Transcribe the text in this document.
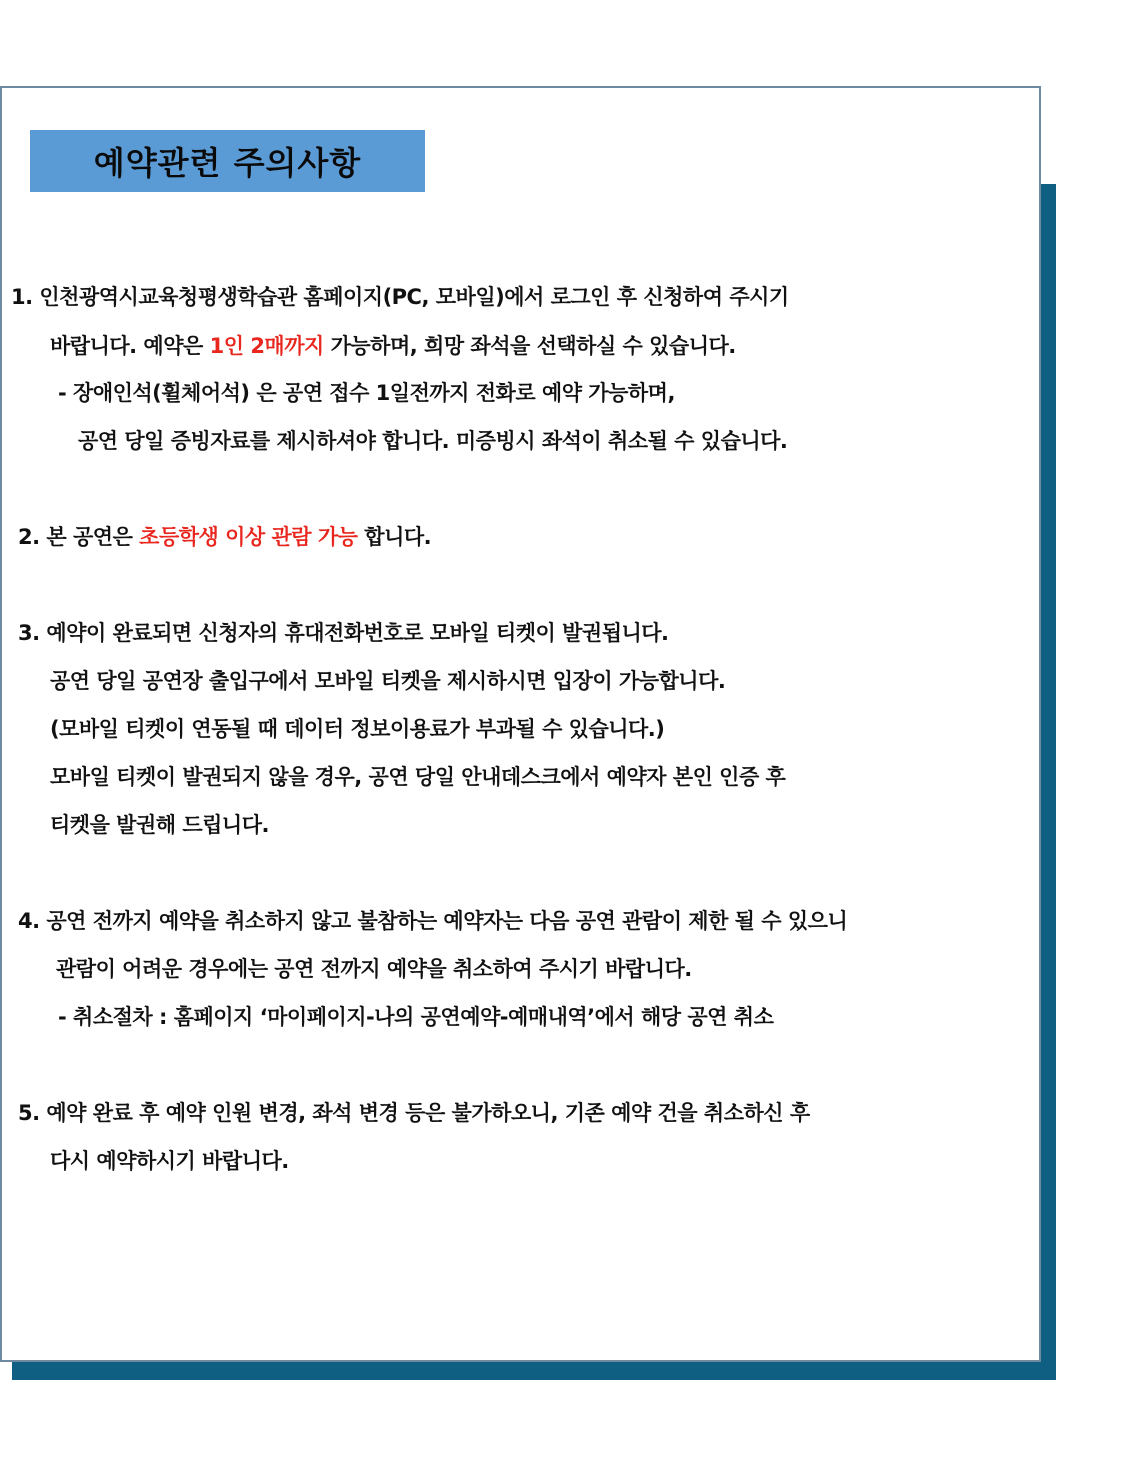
예약관련 주의사항
1. 인천광역시교육청평생학습관 홈페이지(PC, 모바일)에서 로그인 후 신청하여 주시기
바랍니다. 예약은 1인 2매까지 가능하며, 희망 좌석을 선택하실 수 있습니다.
- 장애인석(휠체어석) 은 공연 접수 1일전까지 전화로 예약 가능하며,
공연 당일 증빙자료를 제시하셔야 합니다. 미증빙시 좌석이 취소될 수 있습니다.
2. 본 공연은 초등학생 이상 관람 가능 합니다.
3. 예약이 완료되면 신청자의 휴대전화번호로 모바일 티켓이 발권됩니다.
공연 당일 공연장 출입구에서 모바일 티켓을 제시하시면 입장이 가능합니다.
(모바일 티켓이 연동될 때 데이터 정보이용료가 부과될 수 있습니다.)
모바일 티켓이 발권되지 않을 경우, 공연 당일 안내데스크에서 예약자 본인 인증 후
티켓을 발권해 드립니다.
4. 공연 전까지 예약을 취소하지 않고 불참하는 예약자는 다음 공연 관람이 제한 될 수 있으니
관람이 어려운 경우에는 공연 전까지 예약을 취소하여 주시기 바랍니다.
- 취소절차 : 홈페이지 ‘마이페이지-나의 공연예약-예매내역’에서 해당 공연 취소
5. 예약 완료 후 예약 인원 변경, 좌석 변경 등은 불가하오니, 기존 예약 건을 취소하신 후
다시 예약하시기 바랍니다.
